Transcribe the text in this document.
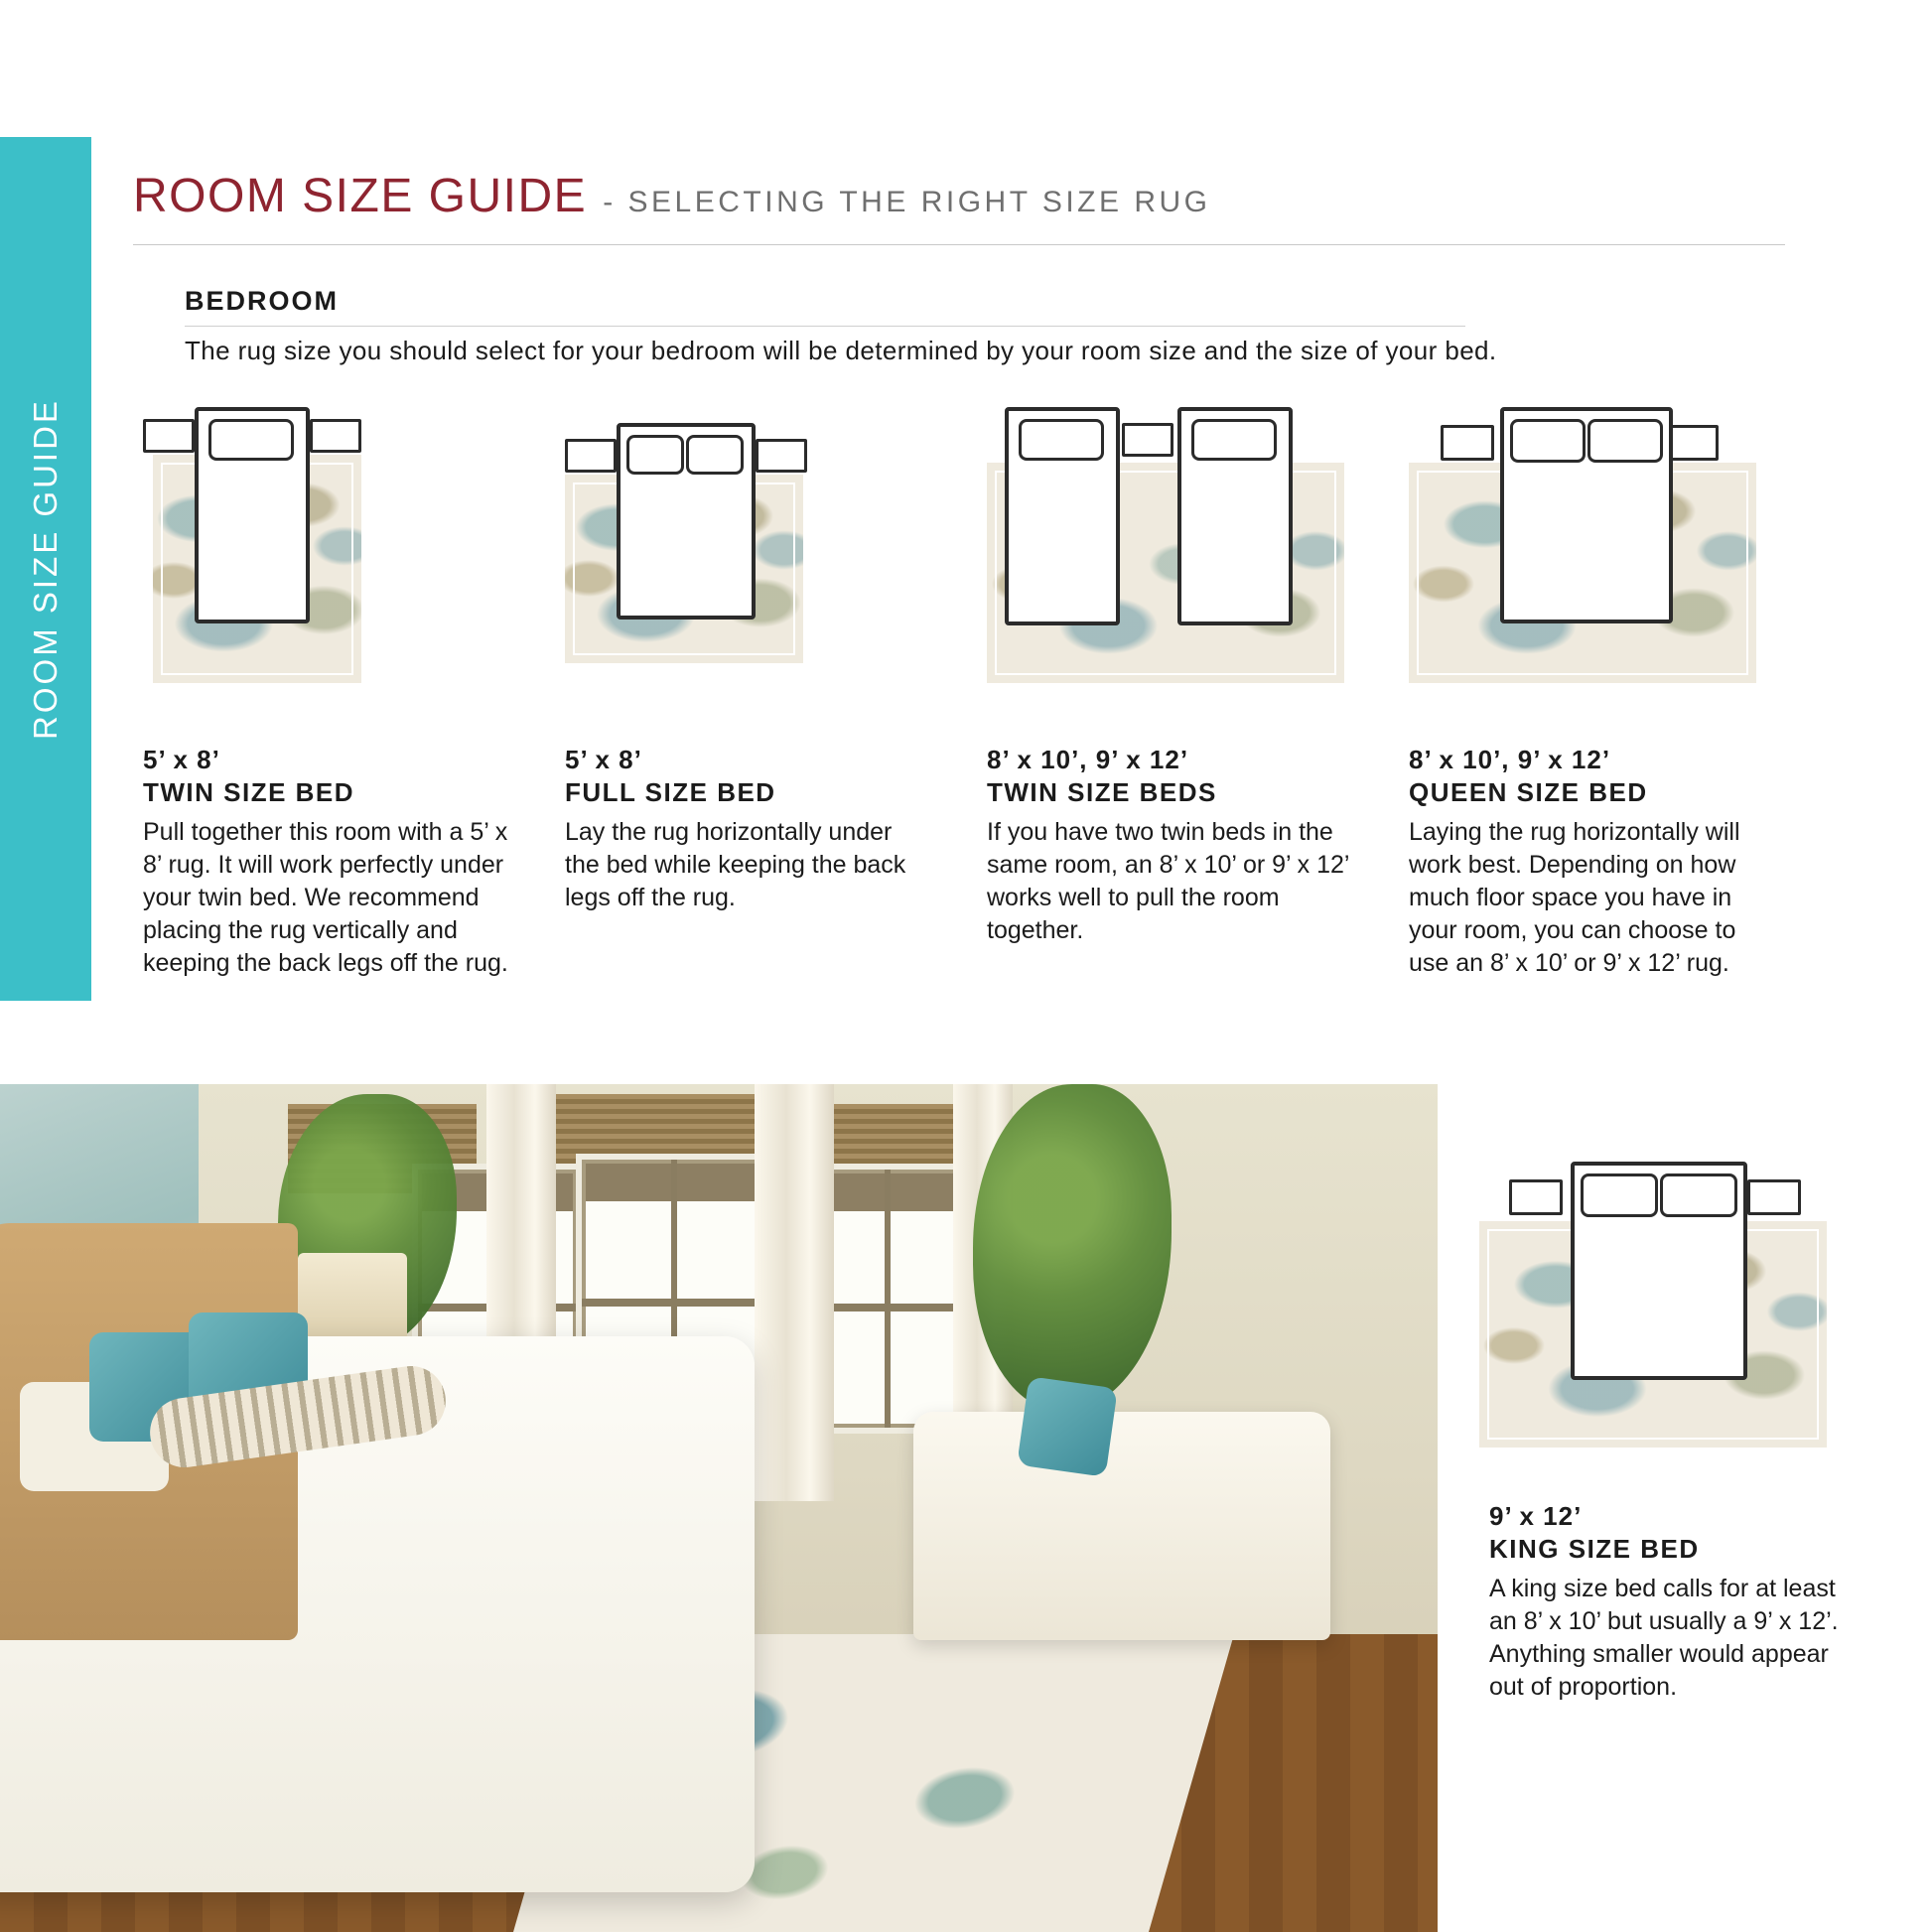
ROOM SIZE GUIDE
ROOM SIZE GUIDE - SELECTING THE RIGHT SIZE RUG
BEDROOM
The rug size you should select for your bedroom will be determined by your room size and the size of your bed.
5’ x 8’
TWIN SIZE BED
Pull together this room with a 5’ x 8’ rug. It will work perfectly under your twin bed. We recommend placing the rug vertically and keeping the back legs off the rug.
5’ x 8’
FULL SIZE BED
Lay the rug horizontally under the bed while keeping the back legs off the rug.
8’ x 10’, 9’ x 12’
TWIN SIZE BEDS
If you have two twin beds in the same room, an 8’ x 10’ or 9’ x 12’ works well to pull the room together.
8’ x 10’, 9’ x 12’
QUEEN SIZE BED
Laying the rug horizontally will work best. Depending on how much floor space you have in your room, you can choose to use an 8’ x 10’ or 9’ x 12’ rug.
9’ x 12’
KING SIZE BED
A king size bed calls for at least an 8’ x 10’ but usually a 9’ x 12’. Anything smaller would appear out of proportion.
